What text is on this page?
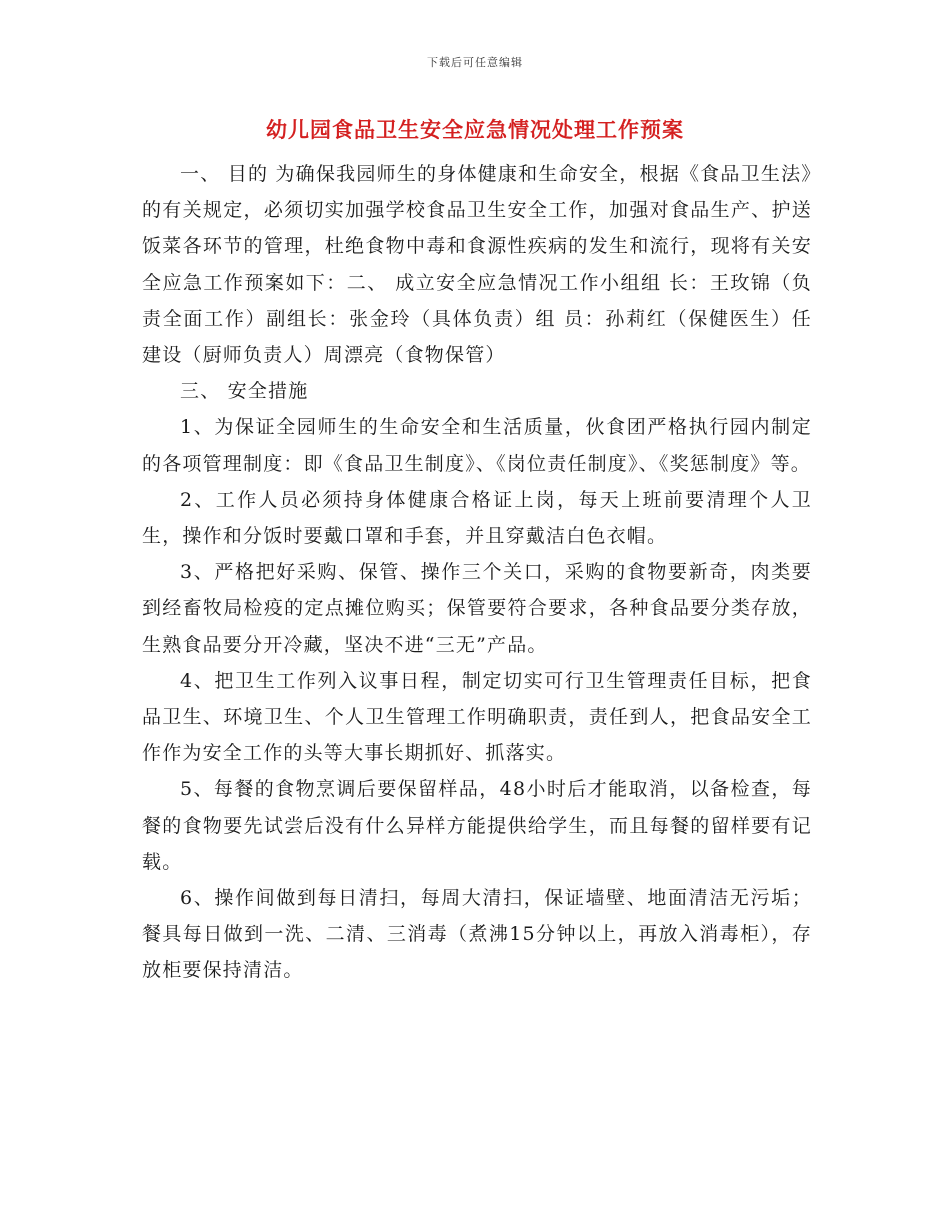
下载后可任意编辑
幼儿园食品卫生安全应急情况处理工作预案

一、 目的 为确保我园师生的身体健康和生命安全，根据《食品卫生法》的有关规定，必须切实加强学校食品卫生安全工作，加强对食品生产、护送饭菜各环节的管理，杜绝食物中毒和食源性疾病的发生和流行，现将有关安全应急工作预案如下：二、 成立安全应急情况工作小组组 长：王玫锦（负责全面工作）副组长：张金玲（具体负责）组 员：孙莉红（保健医生）任建设（厨师负责人）周漂亮（食物保管）

三、 安全措施

1、为保证全园师生的生命安全和生活质量，伙食团严格执行园内制定的各项管理制度：即《食品卫生制度》、《岗位责任制度》、《奖惩制度》等。

2、工作人员必须持身体健康合格证上岗，每天上班前要清理个人卫生，操作和分饭时要戴口罩和手套，并且穿戴洁白色衣帽。

3、严格把好采购、保管、操作三个关口，采购的食物要新奇，肉类要到经畜牧局检疫的定点摊位购买；保管要符合要求，各种食品要分类存放，生熟食品要分开冷藏，坚决不进“三无”产品。

4、把卫生工作列入议事日程，制定切实可行卫生管理责任目标，把食品卫生、环境卫生、个人卫生管理工作明确职责，责任到人，把食品安全工作作为安全工作的头等大事长期抓好、抓落实。

5、每餐的食物烹调后要保留样品，48小时后才能取消，以备检查，每餐的食物要先试尝后没有什么异样方能提供给学生，而且每餐的留样要有记载。

6、操作间做到每日清扫，每周大清扫，保证墙壁、地面清洁无污垢；餐具每日做到一洗、二清、三消毒（煮沸15分钟以上，再放入消毒柜），存放柜要保持清洁。
